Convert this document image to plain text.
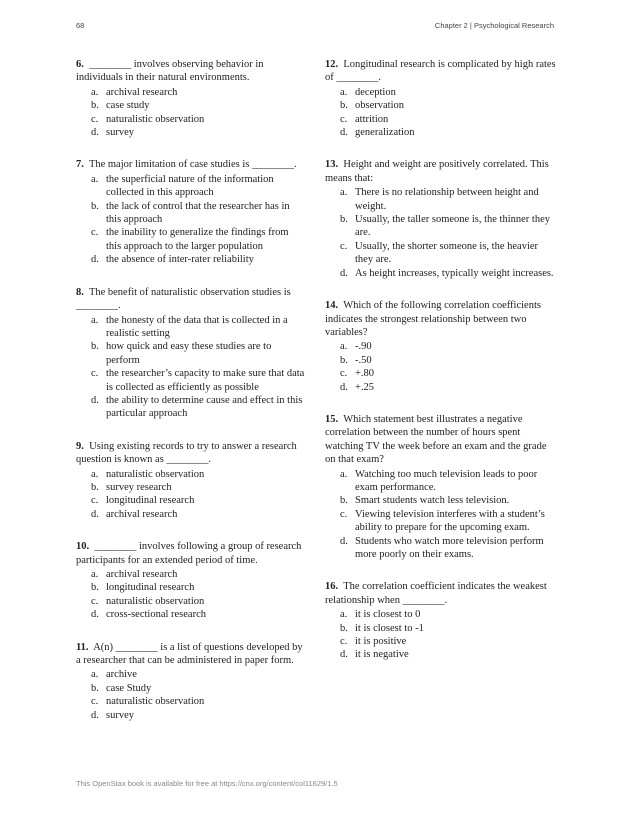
68	Chapter 2 | Psychological Research
6. ________ involves observing behavior in individuals in their natural environments.
a. archival research
b. case study
c. naturalistic observation
d. survey
7. The major limitation of case studies is ________.
a. the superficial nature of the information collected in this approach
b. the lack of control that the researcher has in this approach
c. the inability to generalize the findings from this approach to the larger population
d. the absence of inter-rater reliability
8. The benefit of naturalistic observation studies is ________.
a. the honesty of the data that is collected in a realistic setting
b. how quick and easy these studies are to perform
c. the researcher’s capacity to make sure that data is collected as efficiently as possible
d. the ability to determine cause and effect in this particular approach
9. Using existing records to try to answer a research question is known as ________.
a. naturalistic observation
b. survey research
c. longitudinal research
d. archival research
10. ________ involves following a group of research participants for an extended period of time.
a. archival research
b. longitudinal research
c. naturalistic observation
d. cross-sectional research
11. A(n) ________ is a list of questions developed by a researcher that can be administered in paper form.
a. archive
b. case Study
c. naturalistic observation
d. survey
12. Longitudinal research is complicated by high rates of ________.
a. deception
b. observation
c. attrition
d. generalization
13. Height and weight are positively correlated. This means that:
a. There is no relationship between height and weight.
b. Usually, the taller someone is, the thinner they are.
c. Usually, the shorter someone is, the heavier they are.
d. As height increases, typically weight increases.
14. Which of the following correlation coefficients indicates the strongest relationship between two variables?
a. -.90
b. -.50
c. +.80
d. +.25
15. Which statement best illustrates a negative correlation between the number of hours spent watching TV the week before an exam and the grade on that exam?
a. Watching too much television leads to poor exam performance.
b. Smart students watch less television.
c. Viewing television interferes with a student’s ability to prepare for the upcoming exam.
d. Students who watch more television perform more poorly on their exams.
16. The correlation coefficient indicates the weakest relationship when ________.
a. it is closest to 0
b. it is closest to -1
c. it is positive
d. it is negative
This OpenStax book is available for free at https://cnx.org/content/col11629/1.5
